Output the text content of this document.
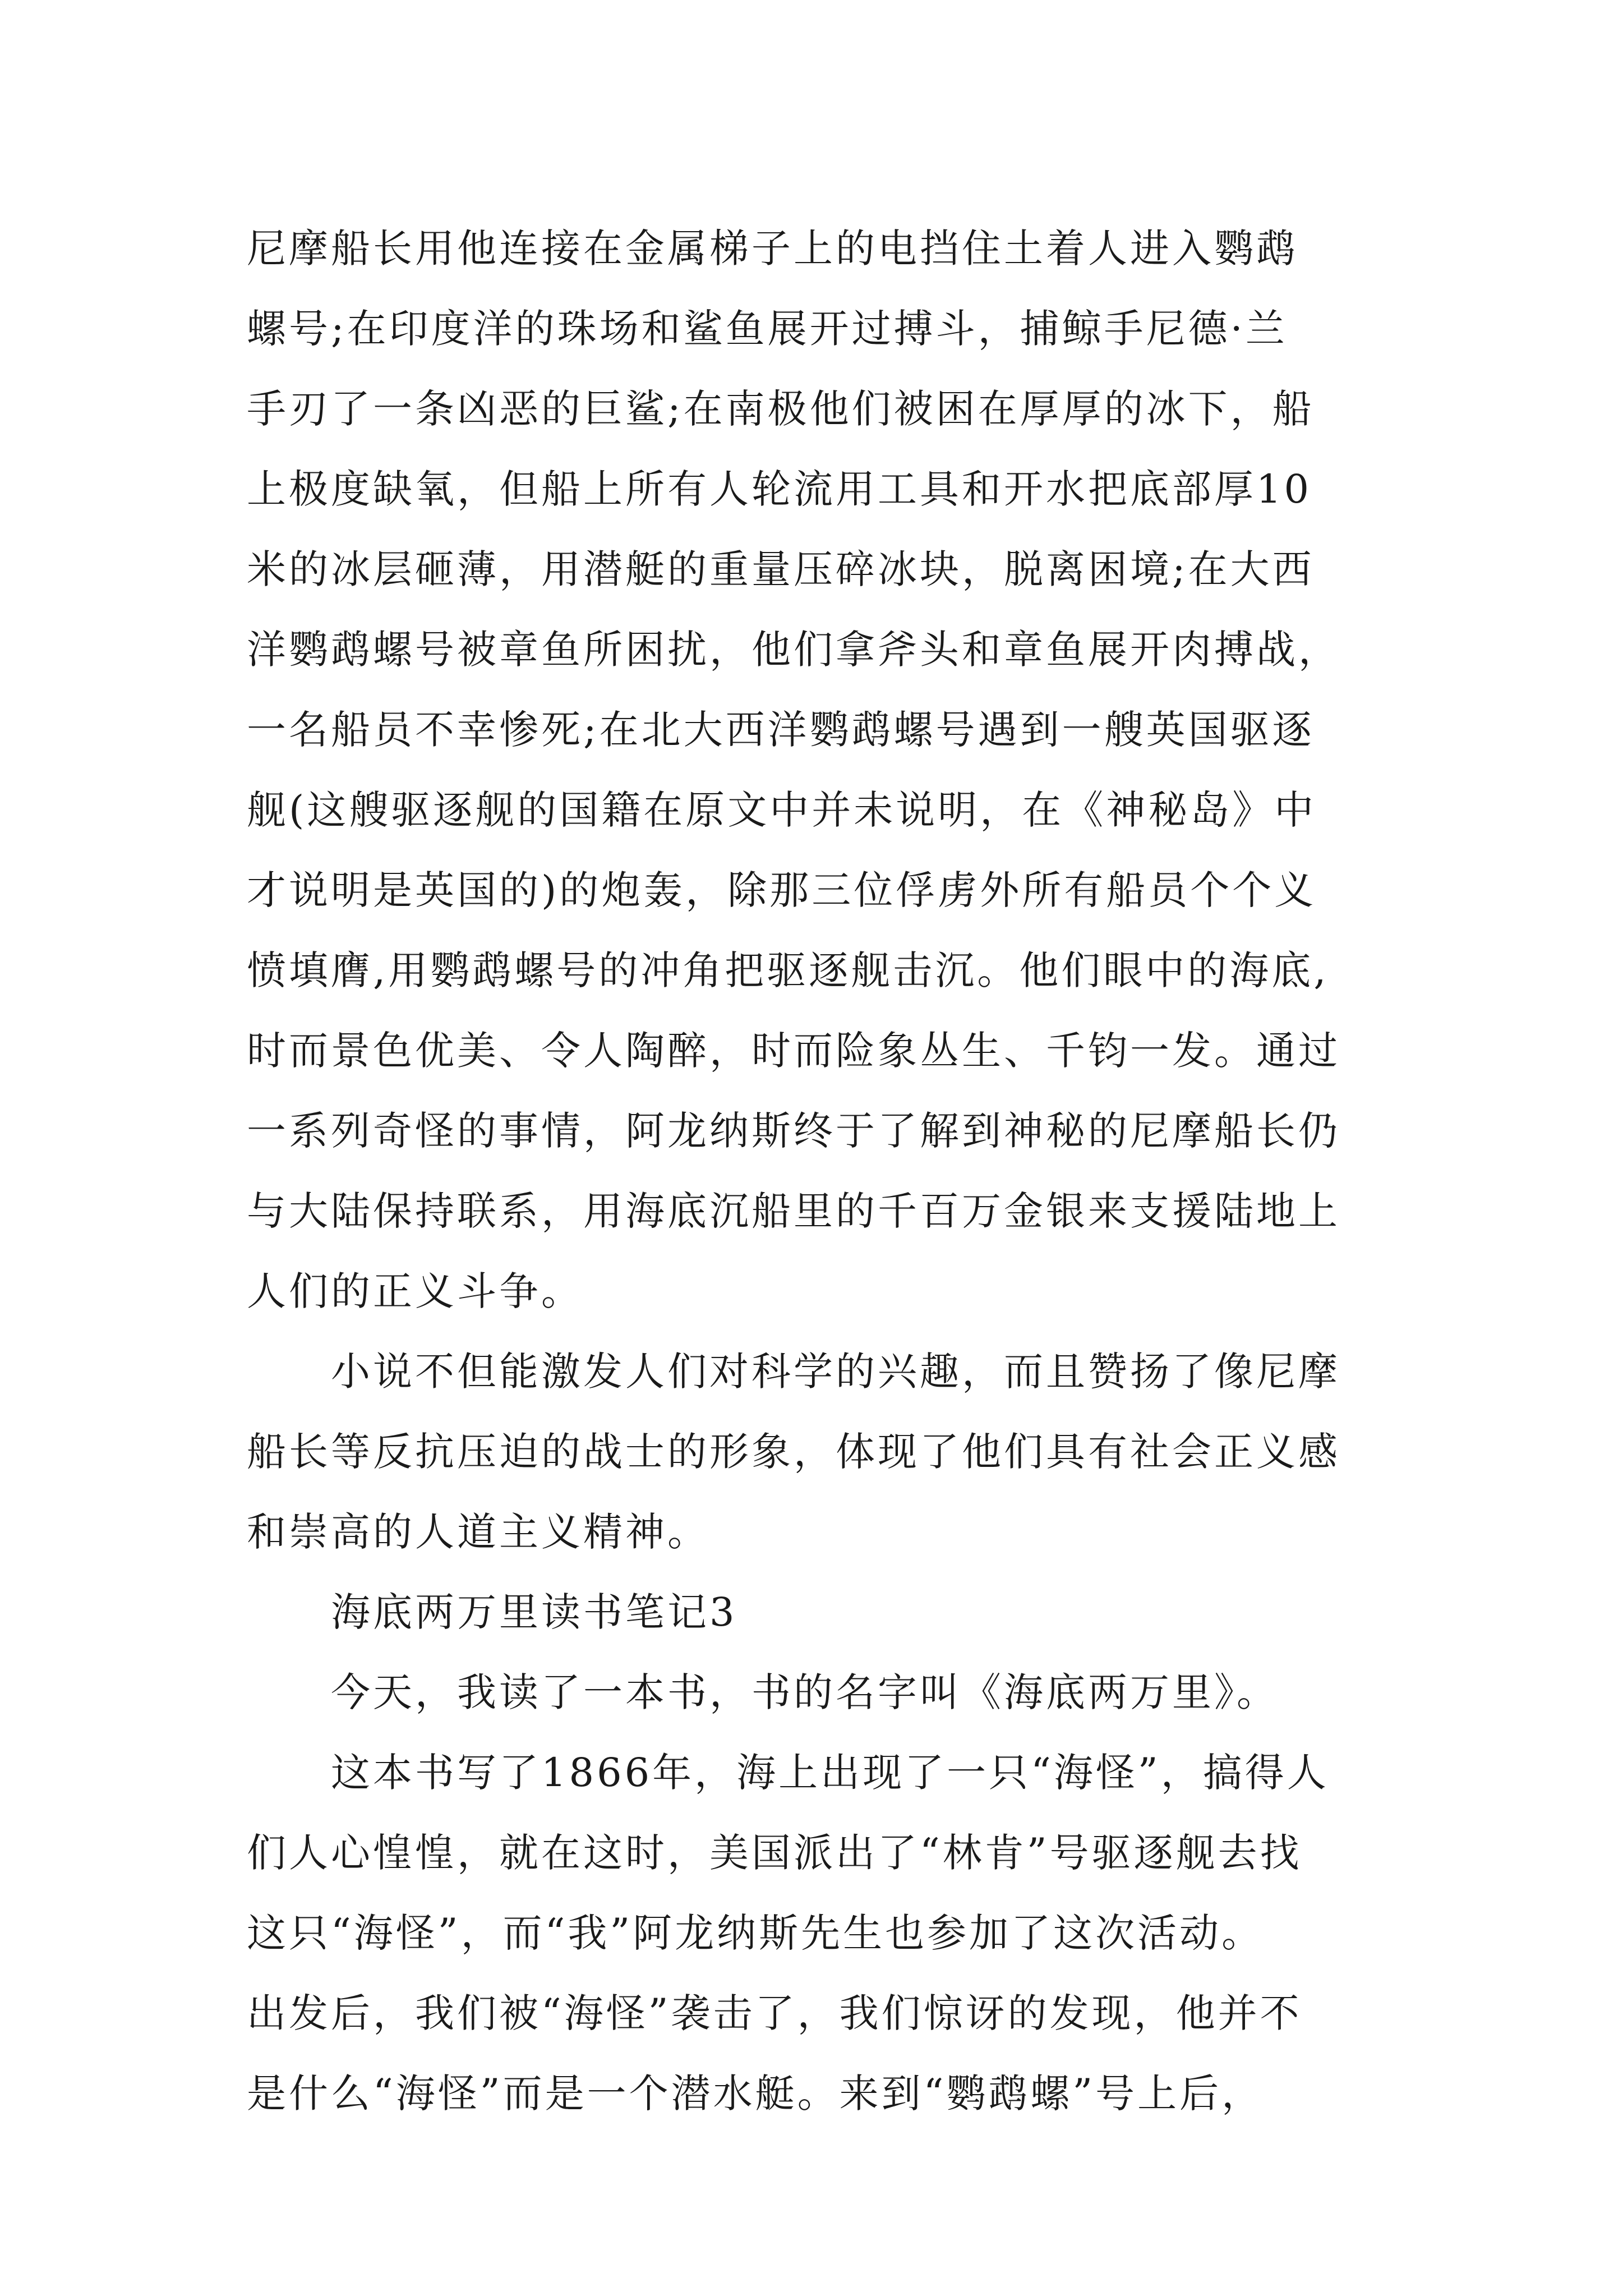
尼摩船长用他连接在金属梯子上的电挡住土着人进入鹦鹉
螺号;在印度洋的珠场和鲨鱼展开过搏斗，捕鲸手尼德·兰
手刃了一条凶恶的巨鲨;在南极他们被困在厚厚的冰下，船
上极度缺氧，但船上所有人轮流用工具和开水把底部厚10
米的冰层砸薄，用潜艇的重量压碎冰块，脱离困境;在大西
洋鹦鹉螺号被章鱼所困扰，他们拿斧头和章鱼展开肉搏战，
一名船员不幸惨死;在北大西洋鹦鹉螺号遇到一艘英国驱逐
舰(这艘驱逐舰的国籍在原文中并未说明，在《神秘岛》中
才说明是英国的)的炮轰，除那三位俘虏外所有船员个个义
愤填膺,用鹦鹉螺号的冲角把驱逐舰击沉。他们眼中的海底,
时而景色优美、令人陶醉，时而险象丛生、千钧一发。通过
一系列奇怪的事情，阿龙纳斯终于了解到神秘的尼摩船长仍
与大陆保持联系，用海底沉船里的千百万金银来支援陆地上
人们的正义斗争。
小说不但能激发人们对科学的兴趣，而且赞扬了像尼摩
船长等反抗压迫的战士的形象，体现了他们具有社会正义感
和崇高的人道主义精神。
海底两万里读书笔记3
今天，我读了一本书，书的名字叫《海底两万里》。
这本书写了1866年，海上出现了一只“海怪”，搞得人
们人心惶惶，就在这时，美国派出了“林肯”号驱逐舰去找
这只“海怪”，而“我”阿龙纳斯先生也参加了这次活动。
出发后，我们被“海怪”袭击了，我们惊讶的发现，他并不
是什么“海怪”而是一个潜水艇。来到“鹦鹉螺”号上后，
